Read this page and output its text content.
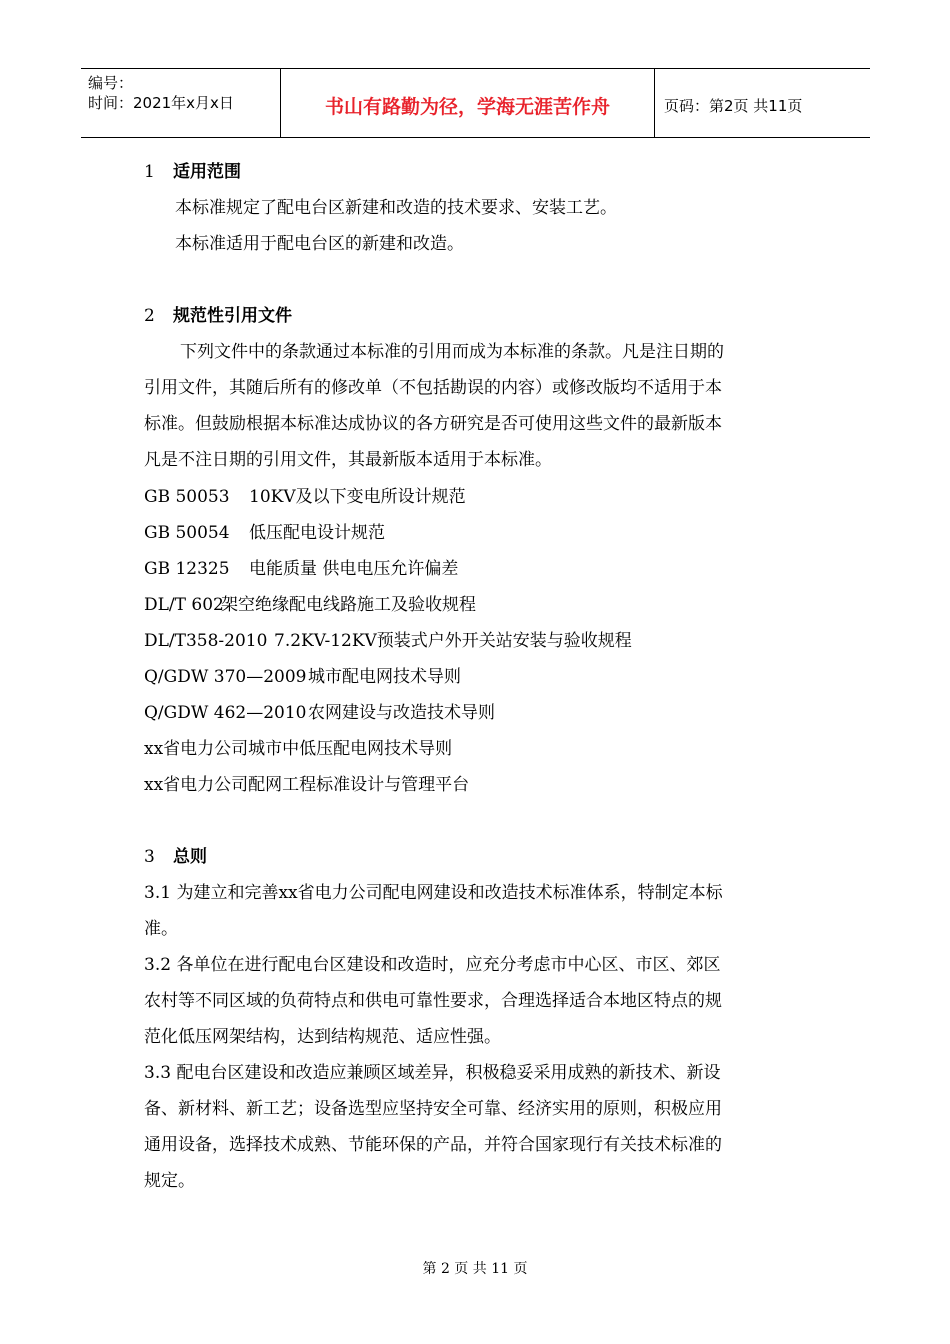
编号：
时间：2021年x月x日	书山有路勤为径，学海无涯苦作舟	页码：第2页 共11页
1 适用范围
本标准规定了配电台区新建和改造的技术要求、安装工艺。
本标准适用于配电台区的新建和改造。
2 规范性引用文件
下列文件中的条款通过本标准的引用而成为本标准的条款。凡是注日期的
引用文件，其随后所有的修改单（不包括勘误的内容）或修改版均不适用于本
标准。但鼓励根据本标准达成协议的各方研究是否可使用这些文件的最新版本
凡是不注日期的引用文件，其最新版本适用于本标准。
GB 50053 10KV及以下变电所设计规范
GB 50054 低压配电设计规范
GB 12325 电能质量 供电电压允许偏差
DL/T 602架空绝缘配电线路施工及验收规程
DL/T358-2010 7.2KV-12KV预装式户外开关站安装与验收规程
Q/GDW 370—2009城市配电网技术导则
Q/GDW 462—2010农网建设与改造技术导则
xx省电力公司城市中低压配电网技术导则
xx省电力公司配网工程标准设计与管理平台
3 总则
3.1 为建立和完善xx省电力公司配电网建设和改造技术标准体系，特制定本标
准。
3.2 各单位在进行配电台区建设和改造时，应充分考虑市中心区、市区、郊区
农村等不同区域的负荷特点和供电可靠性要求，合理选择适合本地区特点的规
范化低压网架结构，达到结构规范、适应性强。
3.3 配电台区建设和改造应兼顾区域差异，积极稳妥采用成熟的新技术、新设
备、新材料、新工艺；设备选型应坚持安全可靠、经济实用的原则，积极应用
通用设备，选择技术成熟、节能环保的产品，并符合国家现行有关技术标准的
规定。
第 2 页 共 11 页
